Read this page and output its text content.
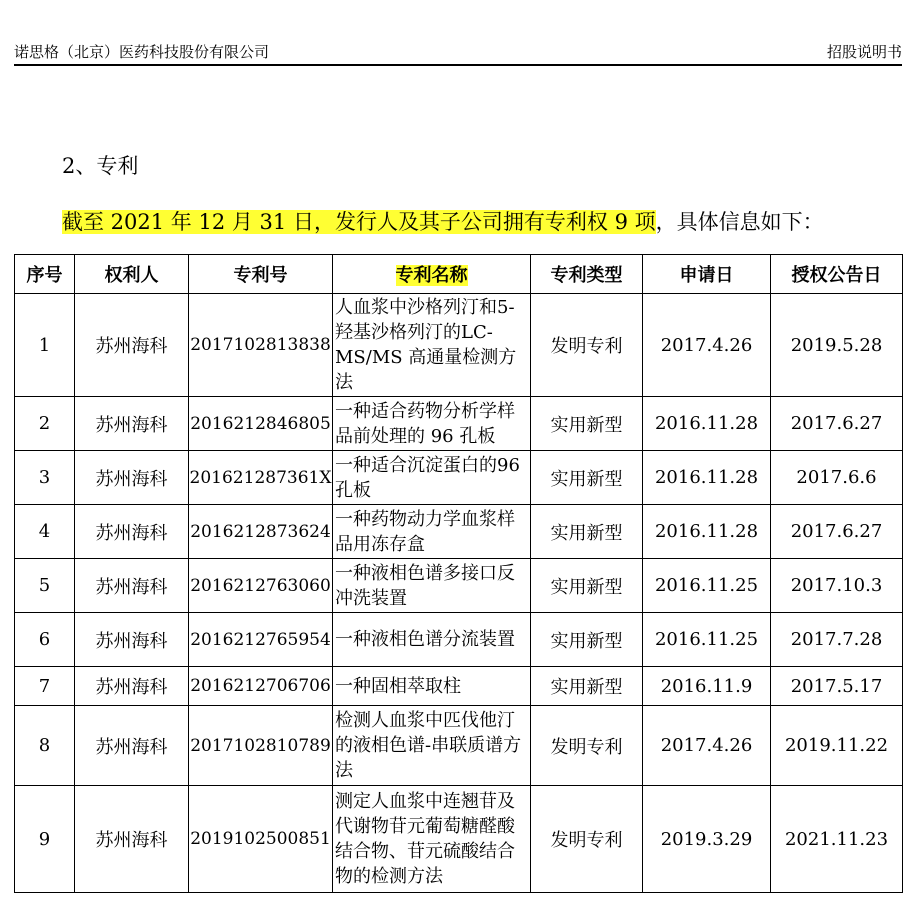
诺思格（北京）医药科技股份有限公司	招股说明书
2、专利
截至 2021 年 12 月 31 日，发行人及其子公司拥有专利权 9 项，具体信息如下：
序号	权利人	专利号	专利名称	专利类型	申请日	授权公告日
1	苏州海科	2017102813838	人血浆中沙格列汀和5-羟基沙格列汀的LC-MS/MS 高通量检测方法	发明专利	2017.4.26	2019.5.28
2	苏州海科	2016212846805	一种适合药物分析学样品前处理的 96 孔板	实用新型	2016.11.28	2017.6.27
3	苏州海科	201621287361X	一种适合沉淀蛋白的96 孔板	实用新型	2016.11.28	2017.6.6
4	苏州海科	2016212873624	一种药物动力学血浆样品用冻存盒	实用新型	2016.11.28	2017.6.27
5	苏州海科	2016212763060	一种液相色谱多接口反冲洗装置	实用新型	2016.11.25	2017.10.3
6	苏州海科	2016212765954	一种液相色谱分流装置	实用新型	2016.11.25	2017.7.28
7	苏州海科	2016212706706	一种固相萃取柱	实用新型	2016.11.9	2017.5.17
8	苏州海科	2017102810789	检测人血浆中匹伐他汀的液相色谱-串联质谱方法	发明专利	2017.4.26	2019.11.22
9	苏州海科	2019102500851	测定人血浆中连翘苷及代谢物苷元葡萄糖醛酸结合物、苷元硫酸结合物的检测方法	发明专利	2019.3.29	2021.11.23
